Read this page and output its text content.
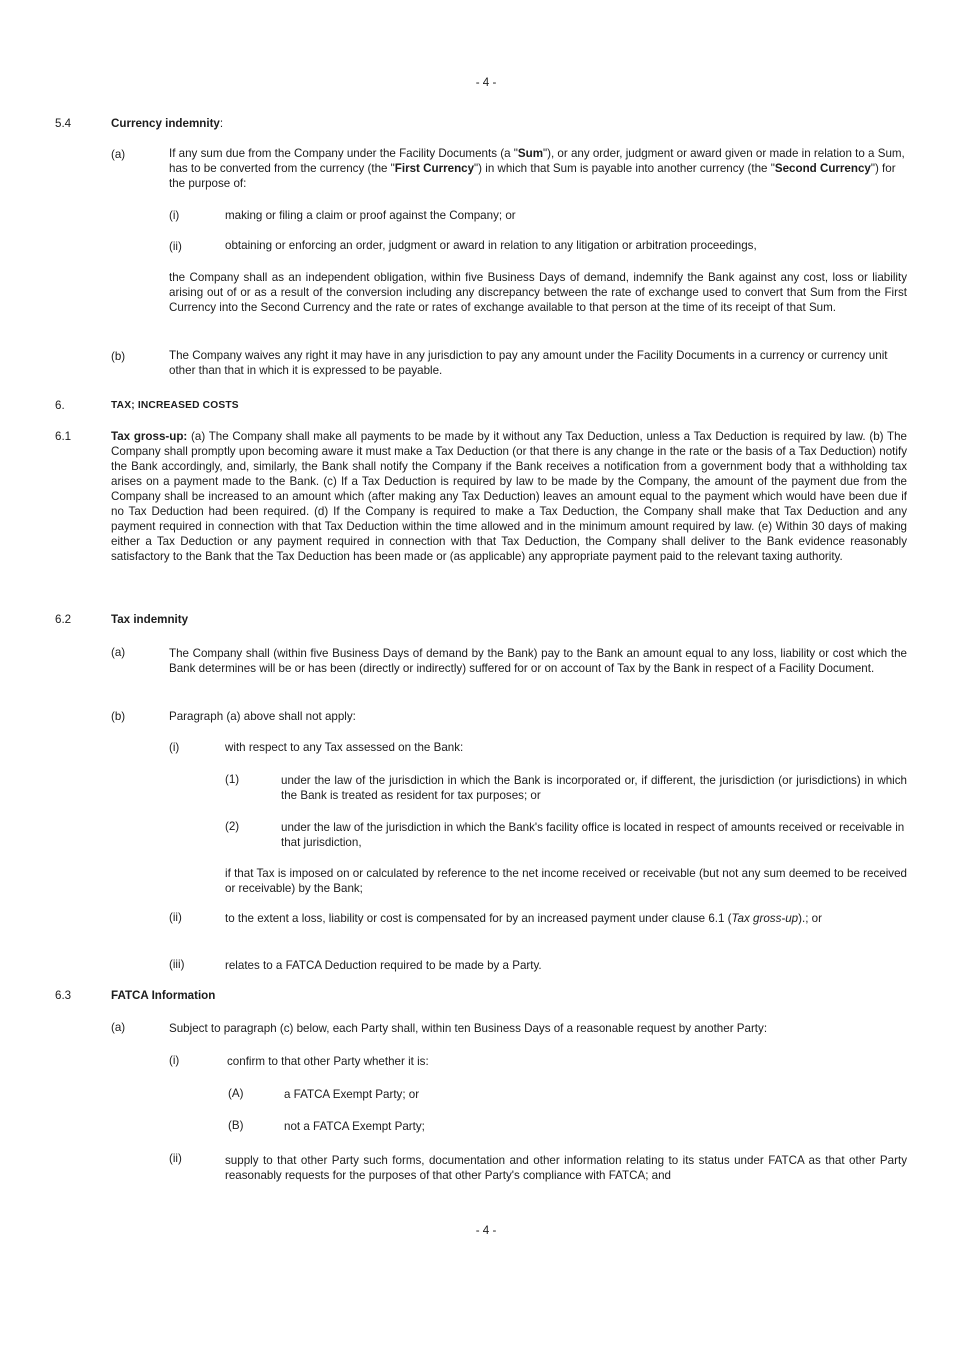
- 4 -
5.4	Currency indemnity:
(a)	If any sum due from the Company under the Facility Documents (a "Sum"), or any order, judgment or award given or made in relation to a Sum, has to be converted from the currency (the "First Currency") in which that Sum is payable into another currency (the "Second Currency") for the purpose of:

(i)	making or filing a claim or proof against the Company; or

(ii)	obtaining or enforcing an order, judgment or award in relation to any litigation or arbitration proceedings,

the Company shall as an independent obligation, within five Business Days of demand, indemnify the Bank against any cost, loss or liability arising out of or as a result of the conversion including any discrepancy between the rate of exchange used to convert that Sum from the First Currency into the Second Currency and the rate or rates of exchange available to that person at the time of its receipt of that Sum.

(b)	The Company waives any right it may have in any jurisdiction to pay any amount under the Facility Documents in a currency or currency unit other than that in which it is expressed to be payable.

6.	TAX; INCREASED COSTS
6.1	Tax gross-up: (a) The Company shall make all payments to be made by it without any Tax Deduction, unless a Tax Deduction is required by law. (b) The Company shall promptly upon becoming aware it must make a Tax Deduction (or that there is any change in the rate or the basis of a Tax Deduction) notify the Bank accordingly, and, similarly, the Bank shall notify the Company if the Bank receives a notification from a government body that a withholding tax arises on a payment made to the Bank. (c) If a Tax Deduction is required by law to be made by the Company, the amount of the payment due from the Company shall be increased to an amount which (after making any Tax Deduction) leaves an amount equal to the payment which would have been due if no Tax Deduction had been required. (d) If the Company is required to make a Tax Deduction, the Company shall make that Tax Deduction and any payment required in connection with that Tax Deduction within the time allowed and in the minimum amount required by law. (e) Within 30 days of making either a Tax Deduction or any payment required in connection with that Tax Deduction, the Company shall deliver to the Bank evidence reasonably satisfactory to the Bank that the Tax Deduction has been made or (as applicable) any appropriate payment paid to the relevant taxing authority.

6.2	Tax indemnity
(a)	The Company shall (within five Business Days of demand by the Bank) pay to the Bank an amount equal to any loss, liability or cost which the Bank determines will be or has been (directly or indirectly) suffered for or on account of Tax by the Bank in respect of a Facility Document.

(b)	Paragraph (a) above shall not apply:

(i)	with respect to any Tax assessed on the Bank:

(1)	under the law of the jurisdiction in which the Bank is incorporated or, if different, the jurisdiction (or jurisdictions) in which the Bank is treated as resident for tax purposes; or

(2)	under the law of the jurisdiction in which the Bank's facility office is located in respect of amounts received or receivable in that jurisdiction,

if that Tax is imposed on or calculated by reference to the net income received or receivable (but not any sum deemed to be received or receivable) by the Bank;

(ii)	to the extent a loss, liability or cost is compensated for by an increased payment under clause 6.1 (Tax gross-up).; or

(iii)	relates to a FATCA Deduction required to be made by a Party.

6.3	FATCA Information
(a)	Subject to paragraph (c) below, each Party shall, within ten Business Days of a reasonable request by another Party:

(i)	confirm to that other Party whether it is:

(A)	a FATCA Exempt Party; or

(B)	not a FATCA Exempt Party;

(ii)	supply to that other Party such forms, documentation and other information relating to its status under FATCA as that other Party reasonably requests for the purposes of that other Party's compliance with FATCA; and

- 4 -
